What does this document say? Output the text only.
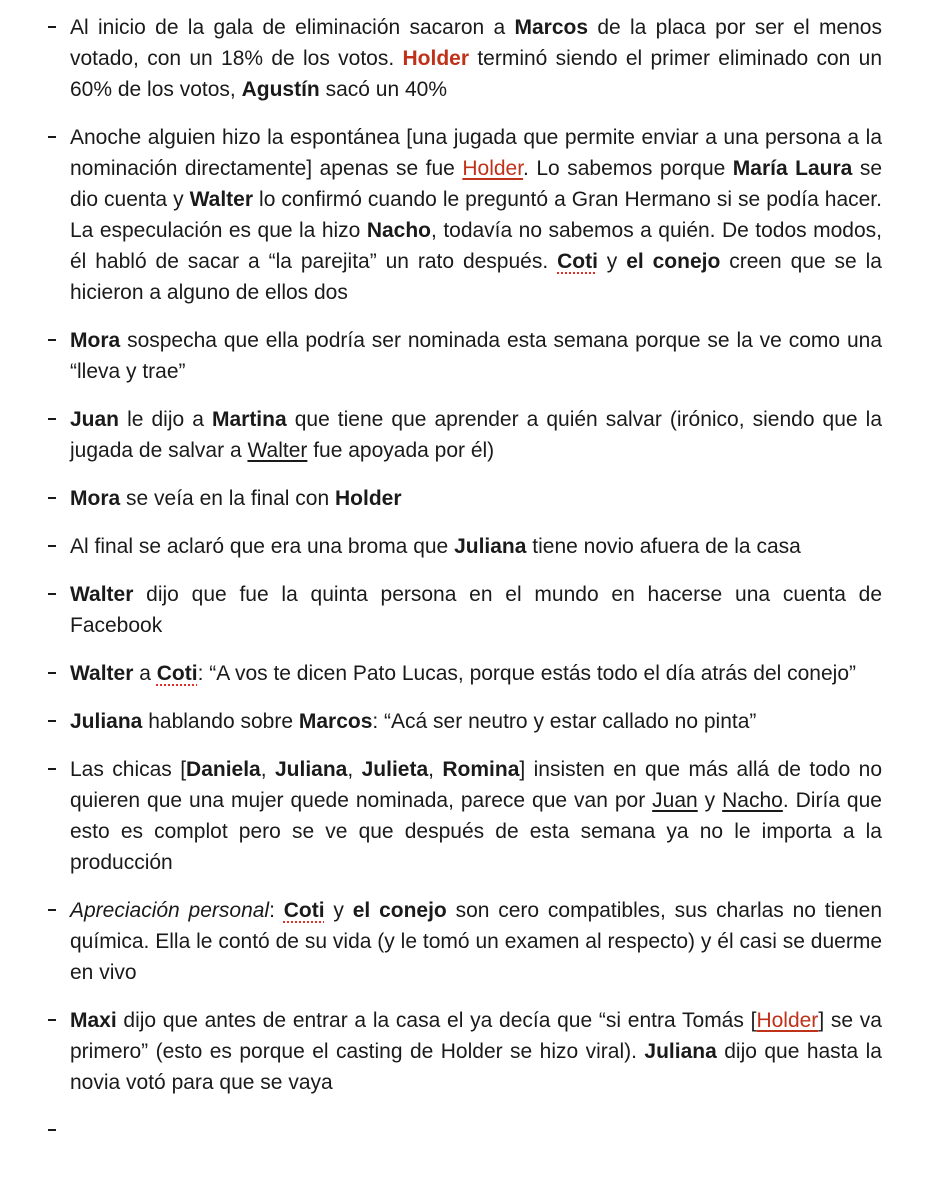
Al inicio de la gala de eliminación sacaron a Marcos de la placa por ser el menos votado, con un 18% de los votos. Holder terminó siendo el primer eliminado con un 60% de los votos, Agustín sacó un 40%
Anoche alguien hizo la espontánea [una jugada que permite enviar a una persona a la nominación directamente] apenas se fue Holder. Lo sabemos porque María Laura se dio cuenta y Walter lo confirmó cuando le preguntó a Gran Hermano si se podía hacer. La especulación es que la hizo Nacho, todavía no sabemos a quién. De todos modos, él habló de sacar a “la parejita” un rato después. Coti y el conejo creen que se la hicieron a alguno de ellos dos
Mora sospecha que ella podría ser nominada esta semana porque se la ve como una “lleva y trae”
Juan le dijo a Martina que tiene que aprender a quién salvar (irónico, siendo que la jugada de salvar a Walter fue apoyada por él)
Mora se veía en la final con Holder
Al final se aclaró que era una broma que Juliana tiene novio afuera de la casa
Walter dijo que fue la quinta persona en el mundo en hacerse una cuenta de Facebook
Walter a Coti: “A vos te dicen Pato Lucas, porque estás todo el día atrás del conejo”
Juliana hablando sobre Marcos: “Acá ser neutro y estar callado no pinta”
Las chicas [Daniela, Juliana, Julieta, Romina] insisten en que más allá de todo no quieren que una mujer quede nominada, parece que van por Juan y Nacho. Diría que esto es complot pero se ve que después de esta semana ya no le importa a la producción
Apreciación personal: Coti y el conejo son cero compatibles, sus charlas no tienen química. Ella le contó de su vida (y le tomó un examen al respecto) y él casi se duerme en vivo
Maxi dijo que antes de entrar a la casa el ya decía que “si entra Tomás [Holder] se va primero” (esto es porque el casting de Holder se hizo viral). Juliana dijo que hasta la novia votó para que se vaya
